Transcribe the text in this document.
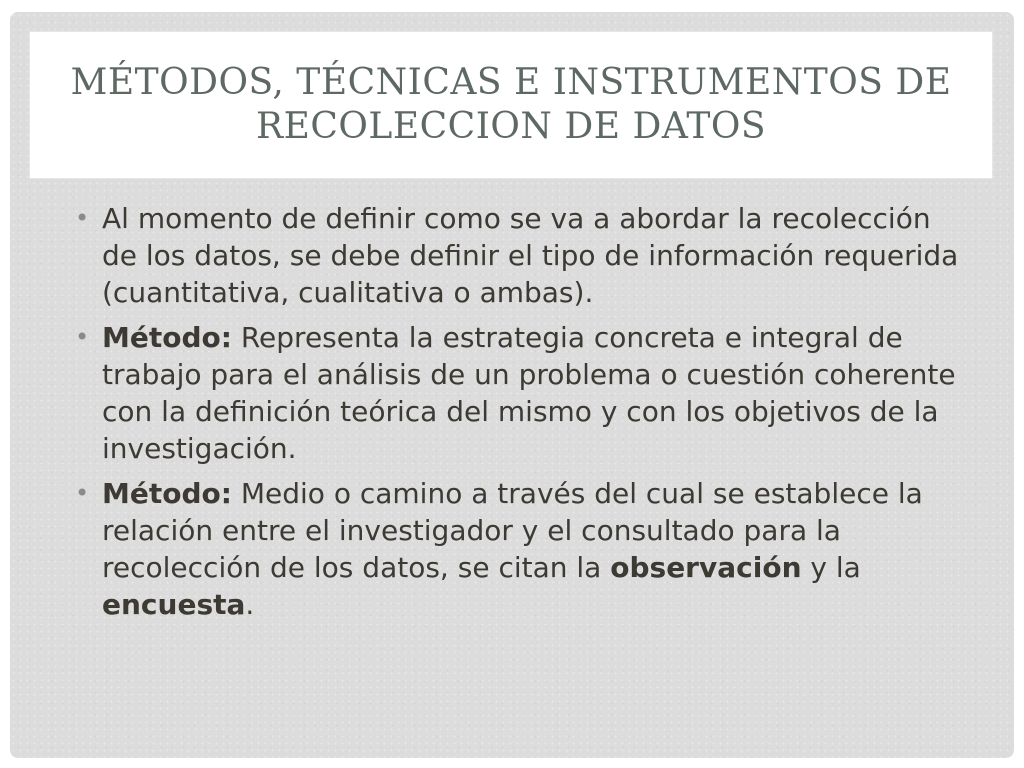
MÉTODOS, TÉCNICAS E INSTRUMENTOS DE
RECOLECCION DE DATOS

• Al momento de definir como se va a abordar la recolección de los datos, se debe definir el tipo de información requerida (cuantitativa, cualitativa o ambas).

• Método: Representa la estrategia concreta e integral de trabajo para el análisis de un problema o cuestión coherente con la definición teórica del mismo y con los objetivos de la investigación.

• Método: Medio o camino a través del cual se establece la relación entre el investigador y el consultado para la recolección de los datos, se citan la observación y la encuesta.
